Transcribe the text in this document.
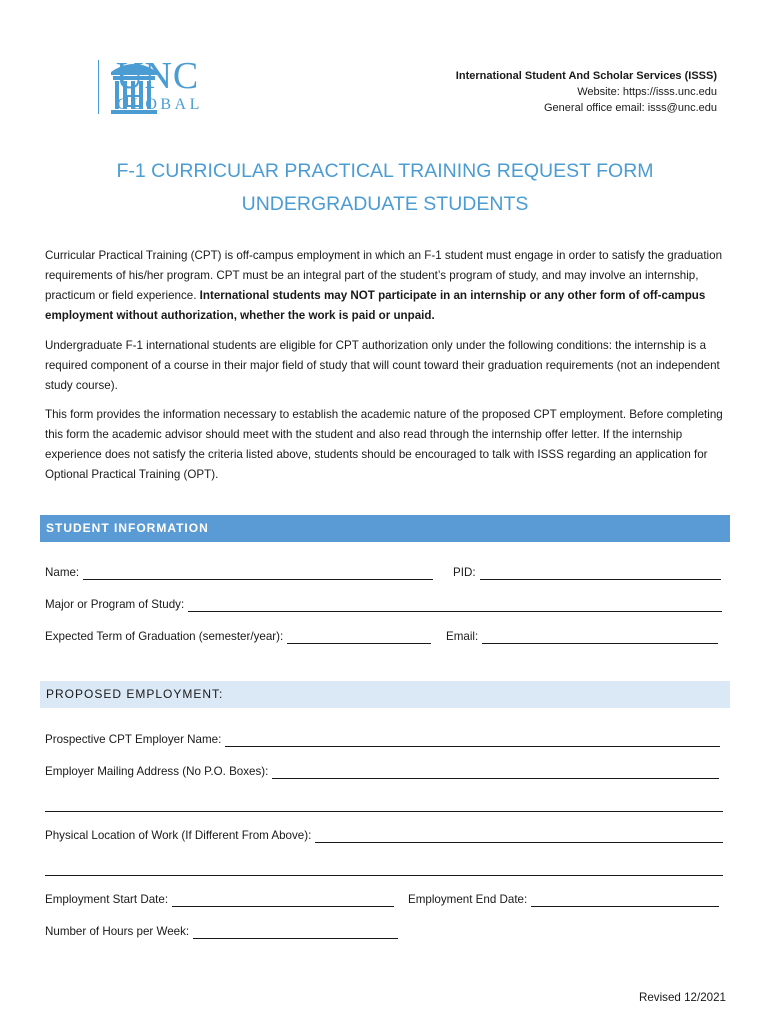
UNC
GLOBAL
International Student And Scholar Services (ISSS)
Website: https://isss.unc.edu
General office email: isss@unc.edu
F-1 CURRICULAR PRACTICAL TRAINING REQUEST FORM
UNDERGRADUATE STUDENTS
Curricular Practical Training (CPT) is off-campus employment in which an F-1 student must engage in order to satisfy the graduation requirements of his/her program. CPT must be an integral part of the student’s program of study, and may involve an internship, practicum or field experience. International students may NOT participate in an internship or any other form of off-campus employment without authorization, whether the work is paid or unpaid.
Undergraduate F-1 international students are eligible for CPT authorization only under the following conditions: the internship is a required component of a course in their major field of study that will count toward their graduation requirements (not an independent study course).
This form provides the information necessary to establish the academic nature of the proposed CPT employment. Before completing this form the academic advisor should meet with the student and also read through the internship offer letter. If the internship experience does not satisfy the criteria listed above, students should be encouraged to talk with ISSS regarding an application for Optional Practical Training (OPT).
STUDENT INFORMATION
Name:	PID:
Major or Program of Study:
Expected Term of Graduation (semester/year):	Email:
PROPOSED EMPLOYMENT:
Prospective CPT Employer Name:
Employer Mailing Address (No P.O. Boxes):
Physical Location of Work (If Different From Above):
Employment Start Date:	Employment End Date:
Number of Hours per Week:
Revised 12/2021
